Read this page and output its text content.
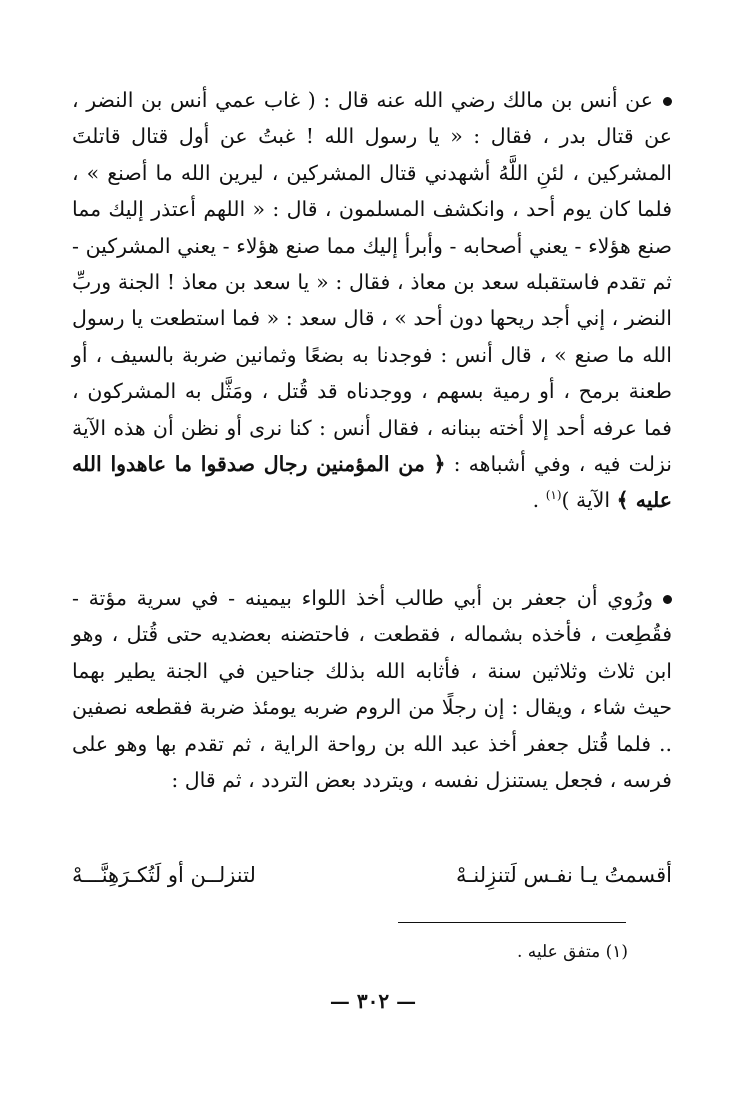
عن أنس بن مالك رضي الله عنه قال : ( غاب عمي أنس بن النضر ، عن قتال بدر ، فقال : « يا رسول الله ! غبتُ عن أول قتال قاتلتَ المشركين ، لئنِ اللَّهُ أشهدني قتال المشركين ، ليرين الله ما أصنع » ، فلما كان يوم أحد ، وانكشف المسلمون ، قال : « اللهم أعتذر إليك مما صنع هؤلاء - يعني أصحابه - وأبرأ إليك مما صنع هؤلاء - يعني المشركين - ثم تقدم فاستقبله سعد بن معاذ ، فقال : « يا سعد بن معاذ ! الجنة وربِّ النضر ، إني أجد ريحها دون أحد » ، قال سعد : « فما استطعت يا رسول الله ما صنع » ، قال أنس : فوجدنا به بضعًا وثمانين ضربة بالسيف ، أو طعنة برمح ، أو رمية بسهم ، ووجدناه قد قُتل ، ومَثَّل به المشركون ، فما عرفه أحد إلا أخته ببنانه ، فقال أنس : كنا نرى أو نظن أن هذه الآية نزلت فيه ، وفي أشباهه : ﴿ من المؤمنين رجال صدقوا ما عاهدوا الله عليه ﴾ الآية )$^{(١)}$ .

ورُوي أن جعفر بن أبي طالب أخذ اللواء بيمينه - في سرية مؤتة - فقُطِعت ، فأخذه بشماله ، فقطعت ، فاحتضنه بعضديه حتى قُتل ، وهو ابن ثلاث وثلاثين سنة ، فأثابه الله بذلك جناحين في الجنة يطير بهما حيث شاء ، ويقال : إن رجلًا من الروم ضربه يومئذ ضربة فقطعه نصفين .. فلما قُتل جعفر أخذ عبد الله بن رواحة الراية ، ثم تقدم بها وهو على فرسه ، فجعل يستنزل نفسه ، ويتردد بعض التردد ، ثم قال :

أقسمتُ يـا نفـس لَتنزِلنـهْ
لتنزلــن أو لَتُكـرَهِنَّـــهْ
(١) متفق عليه .
— ٣٠٢ —
